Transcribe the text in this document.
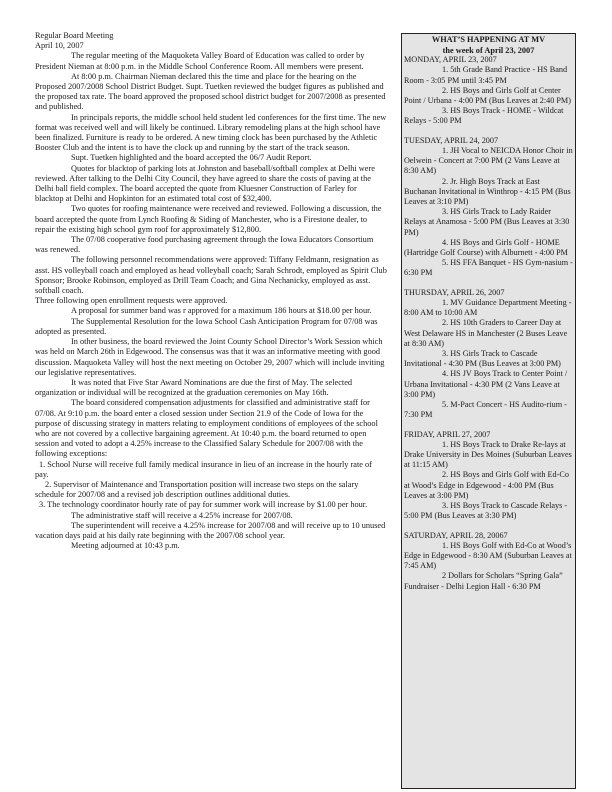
Regular Board Meeting

April 10, 2007

The regular meeting of the Maquoketa Valley Board of Education was called to order by President Nieman at 8:00 p.m. in the Middle School Conference Room. All members were present.

At 8:00 p.m. Chairman Nieman declared this the time and place for the hearing on the Proposed 2007/2008 School District Budget. Supt. Tuetken reviewed the budget figures as published and the proposed tax rate. The board approved the proposed school district budget for 2007/2008 as presented and published.

In principals reports, the middle school held student led conferences for the first time. The new format was received well and will likely be continued. Library remodeling plans at the high school have been finalized. Furniture is ready to be ordered. A new timing clock has been purchased by the Athletic Booster Club and the intent is to have the clock up and running by the start of the track season.

Supt. Tuetken highlighted and the board accepted the 06/7 Audit Report.

Quotes for blacktop of parking lots at Johnston and baseball/softball complex at Delhi were reviewed. After talking to the Delhi City Council, they have agreed to share the costs of paving at the Delhi ball field complex. The board accepted the quote from Kluesner Construction of Farley for blacktop at Delhi and Hopkinton for an estimated total cost of $32,400.

Two quotes for roofing maintenance were received and reviewed. Following a discussion, the board accepted the quote from Lynch Roofing & Siding of Manchester, who is a Firestone dealer, to repair the existing high school gym roof for approximately $12,800.

The 07/08 cooperative food purchasing agreement through the Iowa Educators Consortium was renewed.

The following personnel recommendations were approved: Tiffany Feldmann, resignation as asst. HS volleyball coach and employed as head volleyball coach; Sarah Schrodt, employed as Spirit Club Sponsor; Brooke Robinson, employed as Drill Team Coach; and Gina Nechanicky, employed as asst. softball coach.

Three following open enrollment requests were approved.

A proposal for summer band was r approved for a maximum 186 hours at $18.00 per hour.

The Supplemental Resolution for the Iowa School Cash Anticipation Program for 07/08 was adopted as presented.

In other business, the board reviewed the Joint County School Director’s Work Session which was held on March 26th in Edgewood. The consensus was that it was an informative meeting with good discussion. Maquoketa Valley will host the next meeting on October 29, 2007 which will include inviting our legislative representatives.

It was noted that Five Star Award Nominations are due the first of May. The selected organization or individual will be recognized at the graduation ceremonies on May 16th.

The board considered compensation adjustments for classified and administrative staff for 07/08. At 9:10 p.m. the board enter a closed session under Section 21.9 of the Code of Iowa for the purpose of discussing strategy in matters relating to employment conditions of employees of the school who are not covered by a collective bargaining agreement. At 10:40 p.m. the board returned to open session and voted to adopt a 4.25% increase to the Classified Salary Schedule for 2007/08 with the following exceptions:

1. School Nurse will receive full family medical insurance in lieu of an increase in the hourly rate of pay.

2. Supervisor of Maintenance and Transportation position will increase two steps on the salary schedule for 2007/08 and a revised job description outlines additional duties.

3. The technology coordinator hourly rate of pay for summer work will increase by $1.00 per hour.

The administrative staff will receive a 4.25% increase for 2007/08.

The superintendent will receive a 4.25% increase for 2007/08 and will receive up to 10 unused vacation days paid at his daily rate beginning with the 2007/08 school year.

Meeting adjourned at 10:43 p.m.

WHAT’S HAPPENING AT MV
the week of April 23, 2007

MONDAY, APRIL 23, 2007

1. 5th Grade Band Practice - HS Band Room - 3:05 PM until 3:45 PM

2. HS Boys and Girls Golf at Center Point / Urbana - 4:00 PM (Bus Leaves at 2:40 PM)

3. HS Boys Track - HOME - Wildcat Relays - 5:00 PM

TUESDAY, APRIL 24, 2007

1. JH Vocal to NEICDA Honor Choir in Oelwein - Concert at 7:00 PM (2 Vans Leave at 8:30 AM)

2. Jr. High Boys Track at East Buchanan Invitational in Winthrop - 4:15 PM (Bus Leaves at 3:10 PM)

3. HS Girls Track to Lady Raider Relays at Anamosa - 5:00 PM (Bus Leaves at 3:30 PM)

4. HS Boys and Girls Golf - HOME (Hartridge Golf Course) with Alburnett - 4:00 PM

5. HS FFA Banquet - HS Gym-nasium - 6:30 PM

THURSDAY, APRIL 26, 2007

1. MV Guidance Department Meeting - 8:00 AM to 10:00 AM

2. HS 10th Graders to Career Day at West Delaware HS in Manchester (2 Buses Leave at 8:30 AM)

3. HS Girls Track to Cascade Invitational - 4:30 PM (Bus Leaves at 3:00 PM)

4. HS JV Boys Track to Center Point / Urbana Invitational - 4:30 PM (2 Vans Leave at 3:00 PM)

5. M-Pact Concert - HS Audito-rium - 7:30 PM

FRIDAY, APRIL 27, 2007

1. HS Boys Track to Drake Re-lays at Drake University in Des Moines (Suburban Leaves at 11:15 AM)

2. HS Boys and Girls Golf with Ed-Co at Wood’s Edge in Edgewood - 4:00 PM (Bus Leaves at 3:00 PM)

3. HS Boys Track to Cascade Relays - 5:00 PM (Bus Leaves at 3:30 PM)

SATURDAY, APRIL 28, 20067

1. HS Boys Golf with Ed-Co at Wood’s Edge in Edgewood - 8:30 AM (Suburban Leaves at 7:45 AM)

2 Dollars for Scholars “Spring Gala” Fundraiser - Delhi Legion Hall - 6:30 PM
